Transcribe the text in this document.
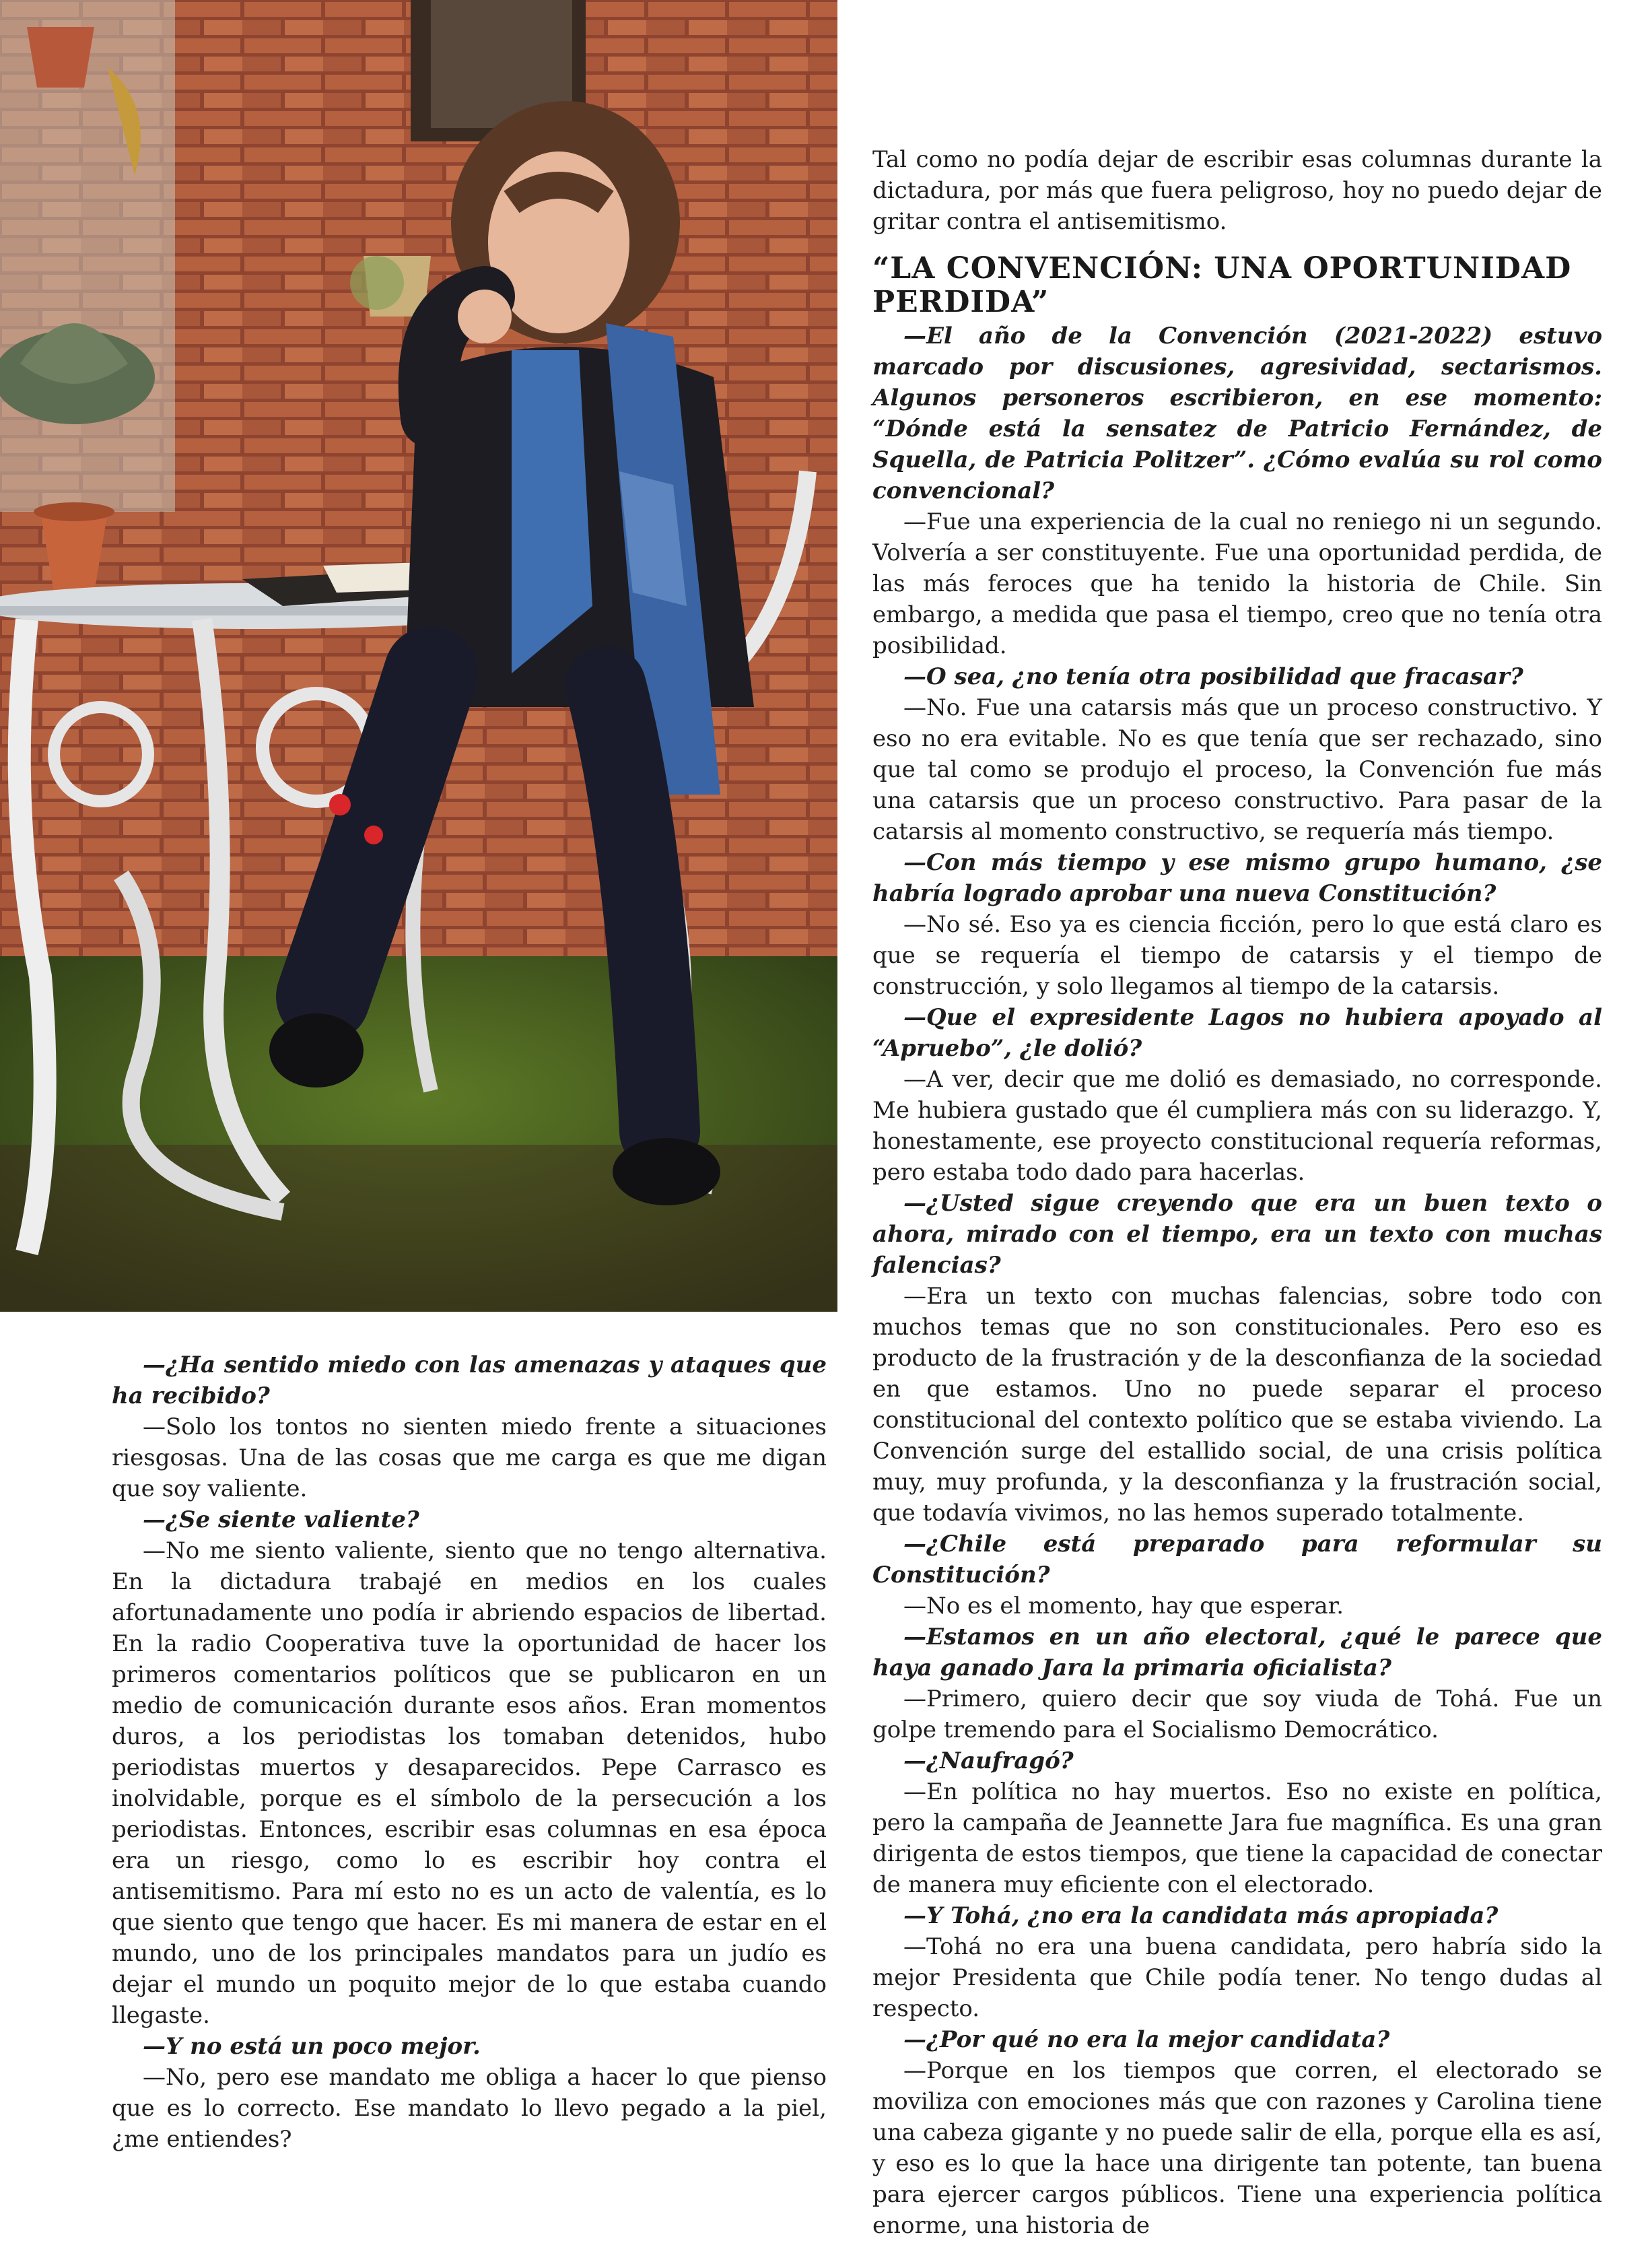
Tal como no podía dejar de escribir esas columnas durante la dictadura, por más que fuera peligroso, hoy no puedo dejar de gritar contra el antisemitismo.

“LA CONVENCIÓN: UNA OPORTUNIDAD PERDIDA”

—El año de la Convención (2021-2022) estuvo marcado por discusiones, agresividad, sectarismos. Algunos personeros escribieron, en ese momento: “Dónde está la sensatez de Patricio Fernández, de Squella, de Patricia Politzer”. ¿Cómo evalúa su rol como convencional?

—Fue una experiencia de la cual no reniego ni un segundo. Volvería a ser constituyente. Fue una oportunidad perdida, de las más feroces que ha tenido la historia de Chile. Sin embargo, a medida que pasa el tiempo, creo que no tenía otra posibilidad.

—O sea, ¿no tenía otra posibilidad que fracasar?

—No. Fue una catarsis más que un proceso constructivo. Y eso no era evitable. No es que tenía que ser rechazado, sino que tal como se produjo el proceso, la Convención fue más una catarsis que un proceso constructivo. Para pasar de la catarsis al momento constructivo, se requería más tiempo.

—Con más tiempo y ese mismo grupo humano, ¿se habría logrado aprobar una nueva Constitución?

—No sé. Eso ya es ciencia ficción, pero lo que está claro es que se requería el tiempo de catarsis y el tiempo de construcción, y solo llegamos al tiempo de la catarsis.

—Que el expresidente Lagos no hubiera apoyado al “Apruebo”, ¿le dolió?

—A ver, decir que me dolió es demasiado, no corresponde. Me hubiera gustado que él cumpliera más con su liderazgo. Y, honestamente, ese proyecto constitucional requería reformas, pero estaba todo dado para hacerlas.

—¿Usted sigue creyendo que era un buen texto o ahora, mirado con el tiempo, era un texto con muchas falencias?

—Era un texto con muchas falencias, sobre todo con muchos temas que no son constitucionales. Pero eso es producto de la frustración y de la desconfianza de la sociedad en que estamos. Uno no puede separar el proceso constitucional del contexto político que se estaba viviendo. La Convención surge del estallido social, de una crisis política muy, muy profunda, y la desconfianza y la frustración social, que todavía vivimos, no las hemos superado totalmente.

—¿Chile está preparado para reformular su Constitución?

—No es el momento, hay que esperar.

—Estamos en un año electoral, ¿qué le parece que haya ganado Jara la primaria oficialista?

—Primero, quiero decir que soy viuda de Tohá. Fue un golpe tremendo para el Socialismo Democrático.

—¿Naufragó?

—En política no hay muertos. Eso no existe en política, pero la campaña de Jeannette Jara fue magnífica. Es una gran dirigenta de estos tiempos, que tiene la capacidad de conectar de manera muy eficiente con el electorado.

—Y Tohá, ¿no era la candidata más apropiada?

—Tohá no era una buena candidata, pero habría sido la mejor Presidenta que Chile podía tener. No tengo dudas al respecto.

—¿Por qué no era la mejor candidata?

—Porque en los tiempos que corren, el electorado se moviliza con emociones más que con razones y Carolina tiene una cabeza gigante y no puede salir de ella, porque ella es así, y eso es lo que la hace una dirigente tan potente, tan buena para ejercer cargos públicos. Tiene una experiencia política enorme, una historia de

—¿Ha sentido miedo con las amenazas y ataques que ha recibido?

—Solo los tontos no sienten miedo frente a situaciones riesgosas. Una de las cosas que me carga es que me digan que soy valiente.

—¿Se siente valiente?

—No me siento valiente, siento que no tengo alternativa. En la dictadura trabajé en medios en los cuales afortunadamente uno podía ir abriendo espacios de libertad. En la radio Cooperativa tuve la oportunidad de hacer los primeros comentarios políticos que se publicaron en un medio de comunicación durante esos años. Eran momentos duros, a los periodistas los tomaban detenidos, hubo periodistas muertos y desaparecidos. Pepe Carrasco es inolvidable, porque es el símbolo de la persecución a los periodistas. Entonces, escribir esas columnas en esa época era un riesgo, como lo es escribir hoy contra el antisemitismo. Para mí esto no es un acto de valentía, es lo que siento que tengo que hacer. Es mi manera de estar en el mundo, uno de los principales mandatos para un judío es dejar el mundo un poquito mejor de lo que estaba cuando llegaste.

—Y no está un poco mejor.

—No, pero ese mandato me obliga a hacer lo que pienso que es lo correcto. Ese mandato lo llevo pegado a la piel, ¿me entiendes?
